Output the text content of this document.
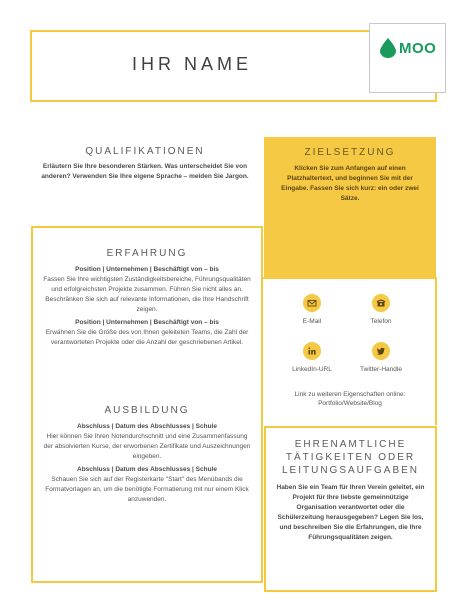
IHR NAME
MOO
QUALIFIKATIONEN
Erläutern Sie Ihre besonderen Stärken. Was unterscheidet Sie von anderen? Verwenden Sie Ihre eigene Sprache – meiden Sie Jargon.
ZIELSETZUNG
Klicken Sie zum Anfangen auf einen Platzhaltertext, und beginnen Sie mit der Eingabe. Fassen Sie sich kurz: ein oder zwei Sätze.
ERFAHRUNG
Position | Unternehmen | Beschäftigt von – bis
Fassen Sie Ihre wichtigsten Zuständigkeitsbereiche, Führungsqualitäten und erfolgreichsten Projekte zusammen. Führen Sie nicht alles an. Beschränken Sie sich auf relevante Informationen, die Ihre Handschrift zeigen.
Position | Unternehmen | Beschäftigt von – bis
Erwähnen Sie die Größe des von Ihnen geleiteten Teams, die Zahl der verantworteten Projekte oder die Anzahl der geschriebenen Artikel.
AUSBILDUNG
Abschluss | Datum des Abschlusses | Schule
Hier können Sie Ihren Notendurchschnitt und eine Zusammenfassung der absolvierten Kurse, der erworbenen Zertifikate und Auszeichnungen eingeben.
Abschluss | Datum des Abschlusses | Schule
Schauen Sie sich auf der Registerkarte "Start" des Menübands die Formatvorlagen an, um die benötigte Formatierung mit nur einem Klick anzuwenden.
E-Mail	Telefon
LinkedIn-URL	Twitter-Handle
Link zu weiteren Eigenschaften online: Portfolio/Website/Blog
EHRENAMTLICHE TÄTIGKEITEN ODER LEITUNGSAUFGABEN
Haben Sie ein Team für Ihren Verein geleitet, ein Projekt für Ihre liebste gemeinnützige Organisation verantwortet oder die Schülerzeitung herausgegeben? Legen Sie los, und beschreiben Sie die Erfahrungen, die Ihre Führungsqualitäten zeigen.
